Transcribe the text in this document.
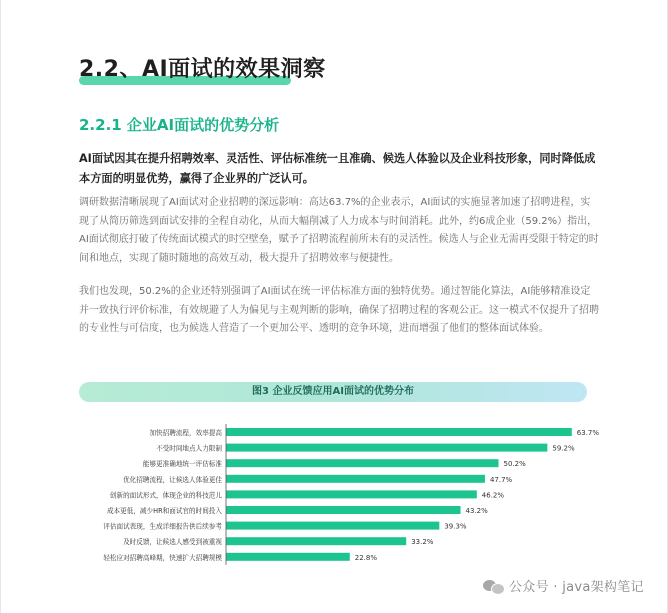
2.2、AI面试的效果洞察
2.2.1 企业AI面试的优势分析
AI面试因其在提升招聘效率、灵活性、评估标准统一且准确、候选人体验以及企业科技形象，同时降低成本方面的明显优势，赢得了企业界的广泛认可。
调研数据清晰展现了AI面试对企业招聘的深远影响：高达63.7%的企业表示，AI面试的实施显著加速了招聘进程，实现了从简历筛选到面试安排的全程自动化，从而大幅削减了人力成本与时间消耗。此外，约6成企业（59.2%）指出，AI面试彻底打破了传统面试模式的时空壁垒，赋予了招聘流程前所未有的灵活性。候选人与企业无需再受限于特定的时间和地点，实现了随时随地的高效互动，极大提升了招聘效率与便捷性。
我们也发现，50.2%的企业还特别强调了AI面试在统一评估标准方面的独特优势。通过智能化算法，AI能够精准设定并一致执行评价标准，有效规避了人为偏见与主观判断的影响，确保了招聘过程的客观公正。这一模式不仅提升了招聘的专业性与可信度，也为候选人营造了一个更加公平、透明的竞争环境，进而增强了他们的整体面试体验。
图3 企业反馈应用AI面试的优势分布
加快招聘流程，效率提高	63.7%
不受时间地点人力限制	59.2%
能够更准确地统一评估标准	50.2%
优化招聘流程，让候选人体验更佳	47.7%
创新的面试形式，体现企业的科技范儿	46.2%
成本更低，减少HR和面试官的时间投入	43.2%
评估面试表现，生成详细报告供后续参考	39.3%
及时反馈，让候选人感受到被重视	33.2%
轻松应对招聘高峰期，快速扩大招聘规模	22.8%
公众号 · java架构笔记
